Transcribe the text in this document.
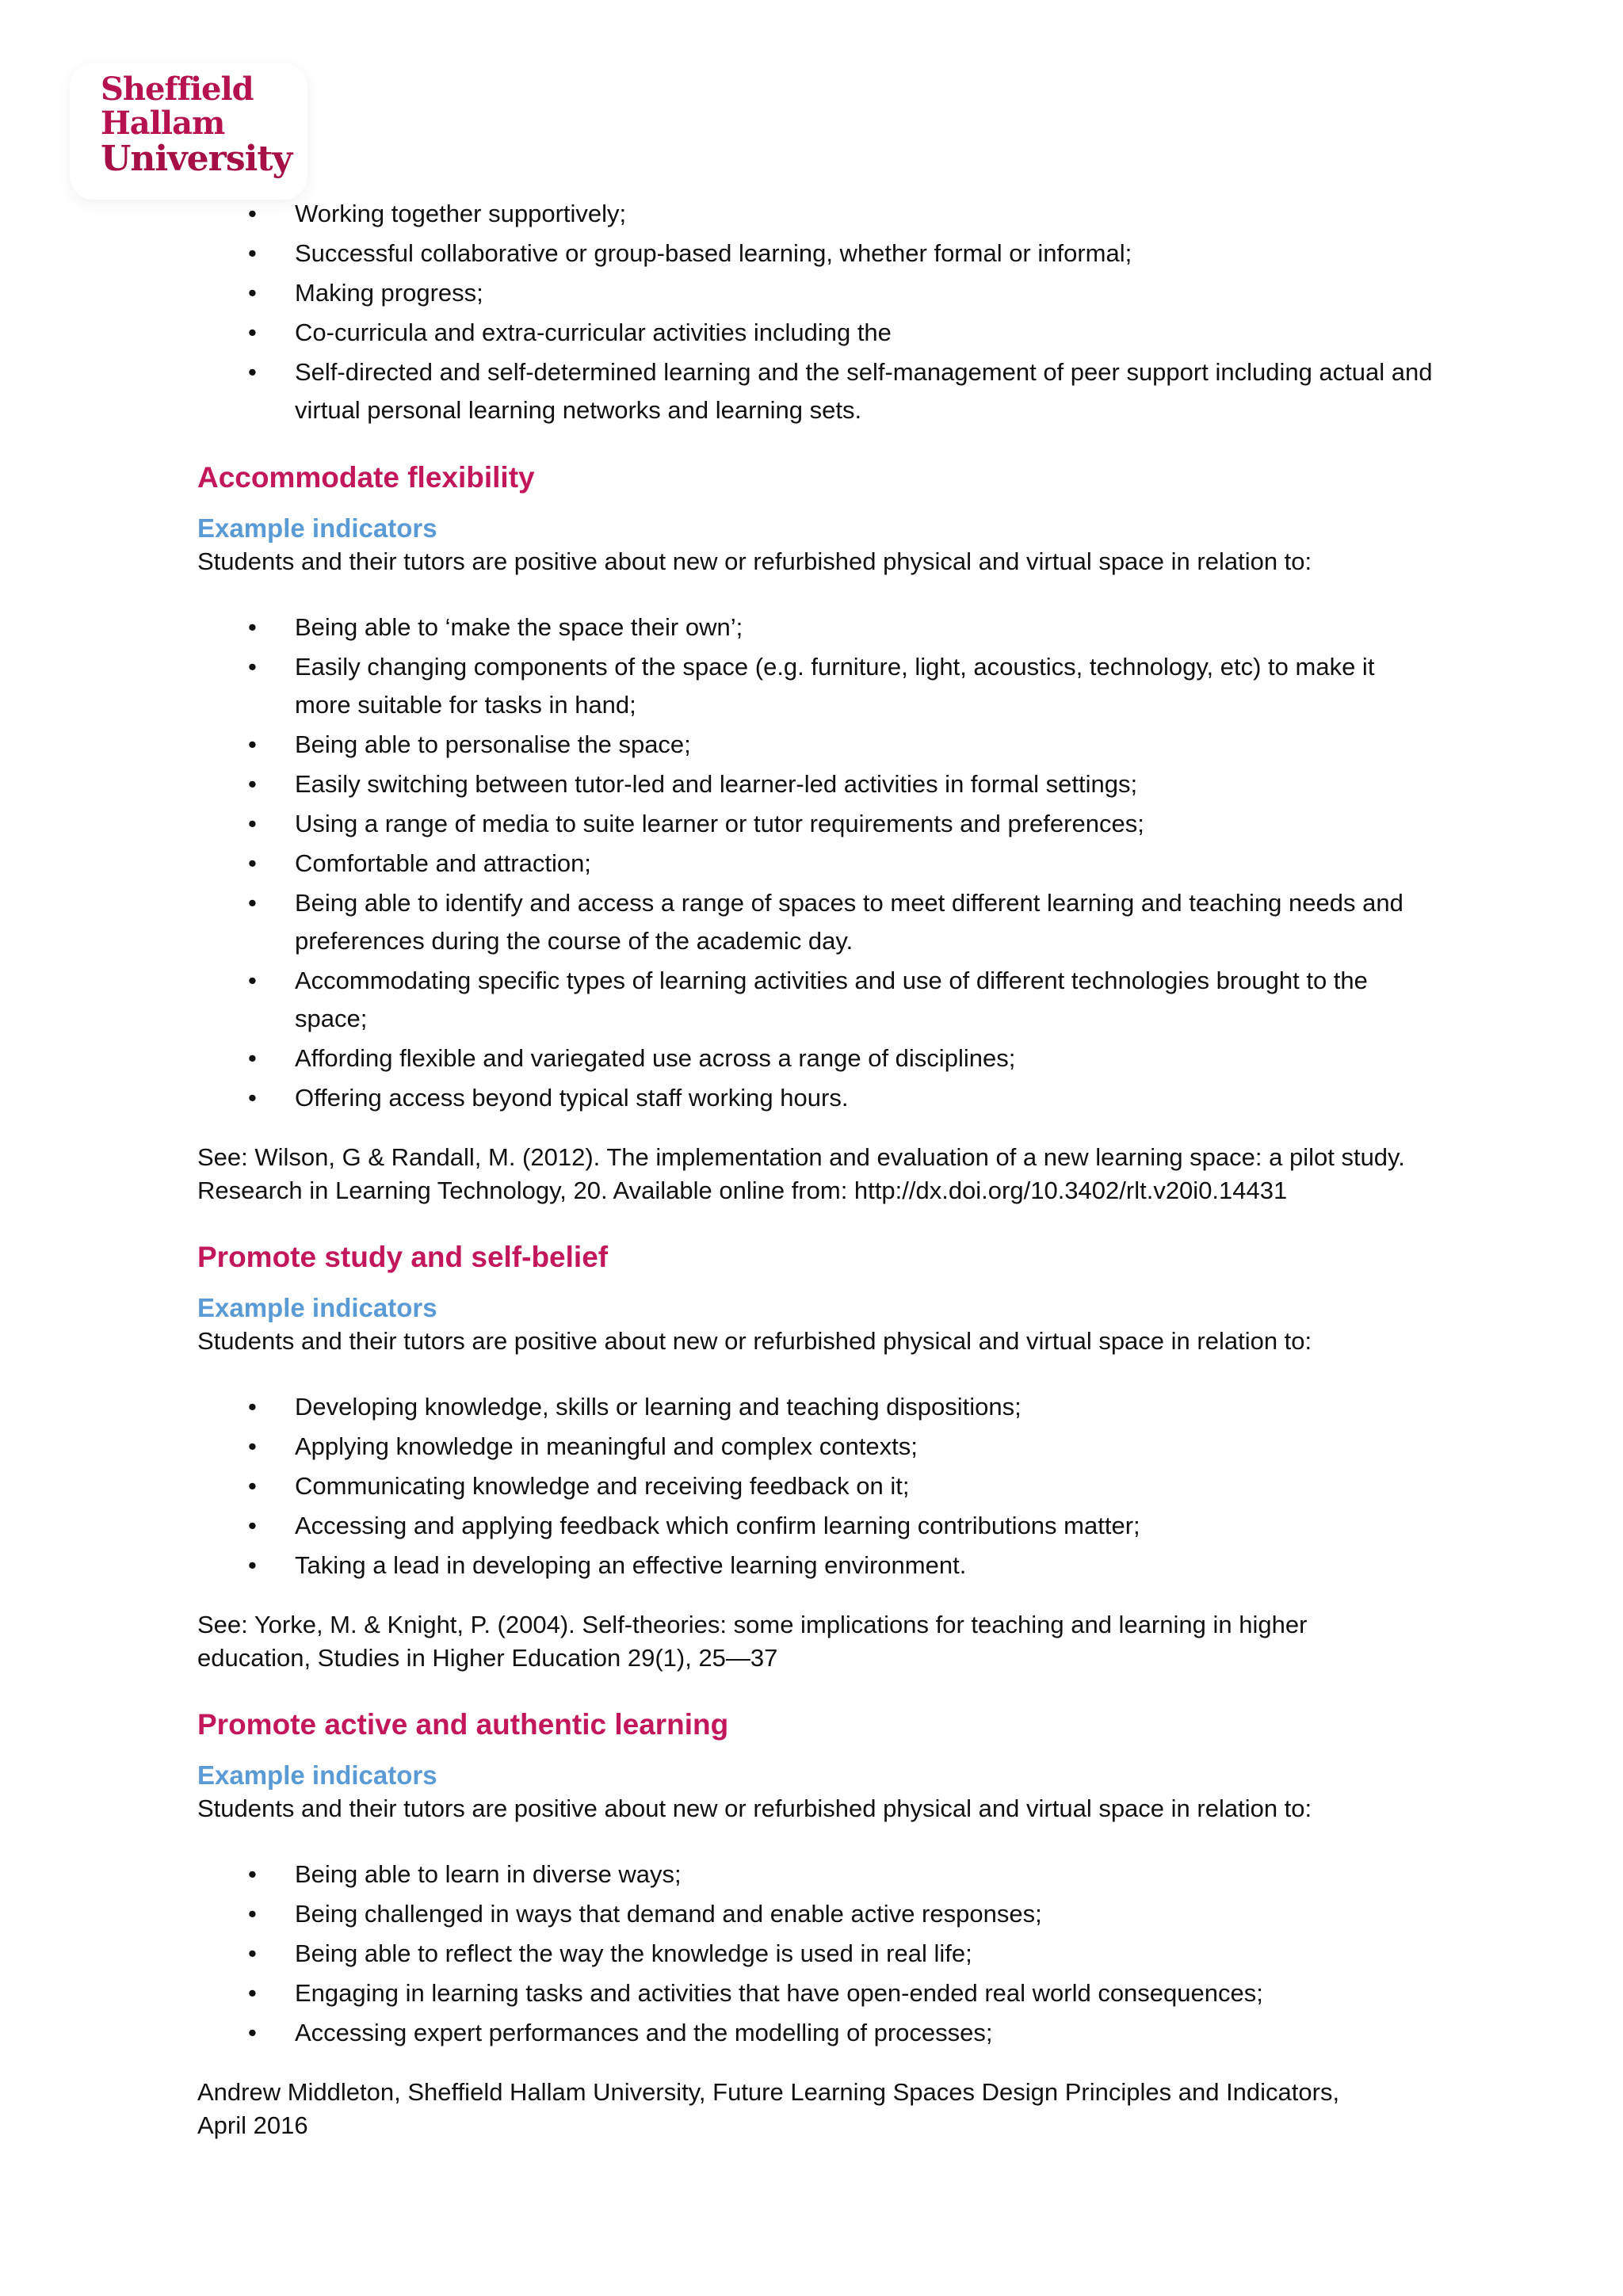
Sheffield
Hallam
University
• Working together supportively;
• Successful collaborative or group-based learning, whether formal or informal;
• Making progress;
• Co-curricula and extra-curricular activities including the
• Self-directed and self-determined learning and the self-management of peer support including actual and virtual personal learning networks and learning sets.
Accommodate flexibility
Example indicators

Students and their tutors are positive about new or refurbished physical and virtual space in relation to:

• Being able to ‘make the space their own’;
• Easily changing components of the space (e.g. furniture, light, acoustics, technology, etc) to make it more suitable for tasks in hand;
• Being able to personalise the space;
• Easily switching between tutor-led and learner-led activities in formal settings;
• Using a range of media to suite learner or tutor requirements and preferences;
• Comfortable and attraction;
• Being able to identify and access a range of spaces to meet different learning and teaching needs and preferences during the course of the academic day.
• Accommodating specific types of learning activities and use of different technologies brought to the space;
• Affording flexible and variegated use across a range of disciplines;
• Offering access beyond typical staff working hours.

See: Wilson, G & Randall, M. (2012). The implementation and evaluation of a new learning space: a pilot study.

Research in Learning Technology, 20. Available online from: http://dx.doi.org/10.3402/rlt.v20i0.14431

Promote study and self-belief
Example indicators

Students and their tutors are positive about new or refurbished physical and virtual space in relation to:

• Developing knowledge, skills or learning and teaching dispositions;
• Applying knowledge in meaningful and complex contexts;
• Communicating knowledge and receiving feedback on it;
• Accessing and applying feedback which confirm learning contributions matter;
• Taking a lead in developing an effective learning environment.

See: Yorke, M. & Knight, P. (2004). Self-theories: some implications for teaching and learning in higher

education, Studies in Higher Education 29(1), 25—37

Promote active and authentic learning
Example indicators

Students and their tutors are positive about new or refurbished physical and virtual space in relation to:

• Being able to learn in diverse ways;
• Being challenged in ways that demand and enable active responses;
• Being able to reflect the way the knowledge is used in real life;
• Engaging in learning tasks and activities that have open-ended real world consequences;
• Accessing expert performances and the modelling of processes;

Andrew Middleton, Sheffield Hallam University, Future Learning Spaces Design Principles and Indicators,

April 2016
